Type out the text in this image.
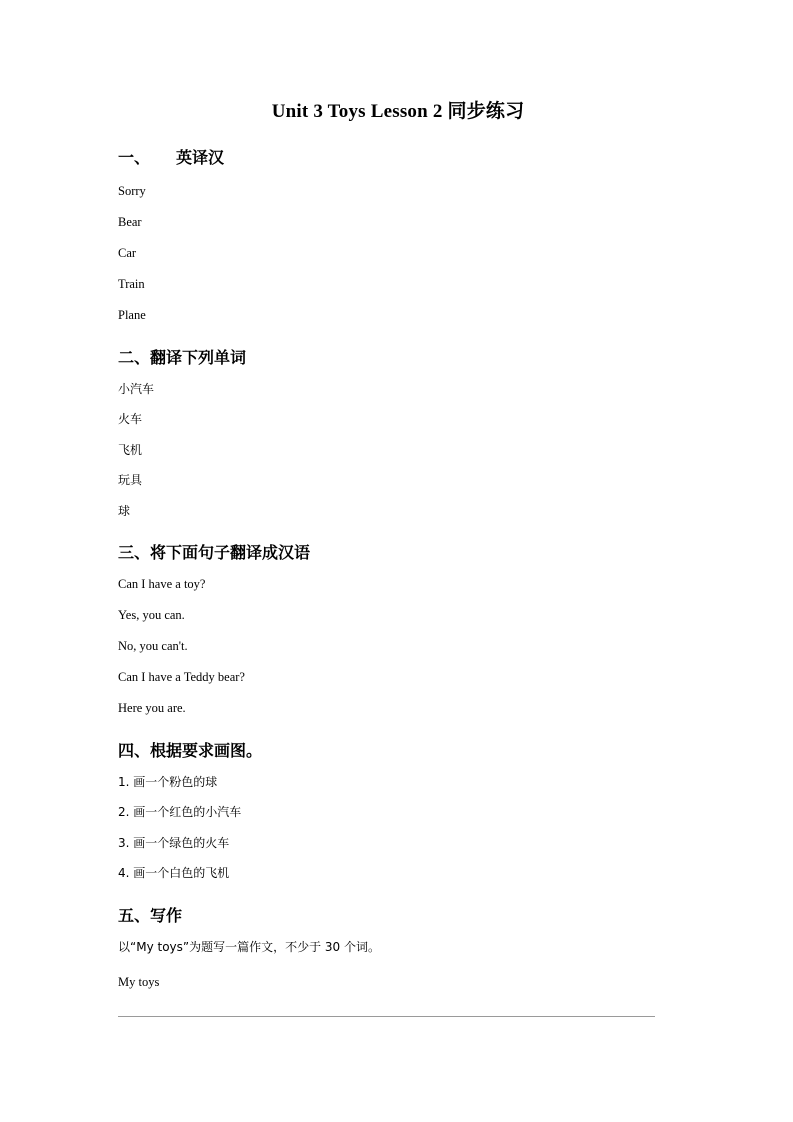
Unit 3 Toys Lesson 2 同步练习
一、 英译汉
Sorry
Bear
Car
Train
Plane
二、翻译下列单词
小汽车
火车
飞机
玩具
球
三、将下面句子翻译成汉语
Can I have a toy?
Yes, you can.
No, you can't.
Can I have a Teddy bear?
Here you are.
四、根据要求画图。
1. 画一个粉色的球
2. 画一个红色的小汽车
3. 画一个绿色的火车
4. 画一个白色的飞机
五、写作
以“My toys”为题写一篇作文，不少于 30 个词。
My toys
